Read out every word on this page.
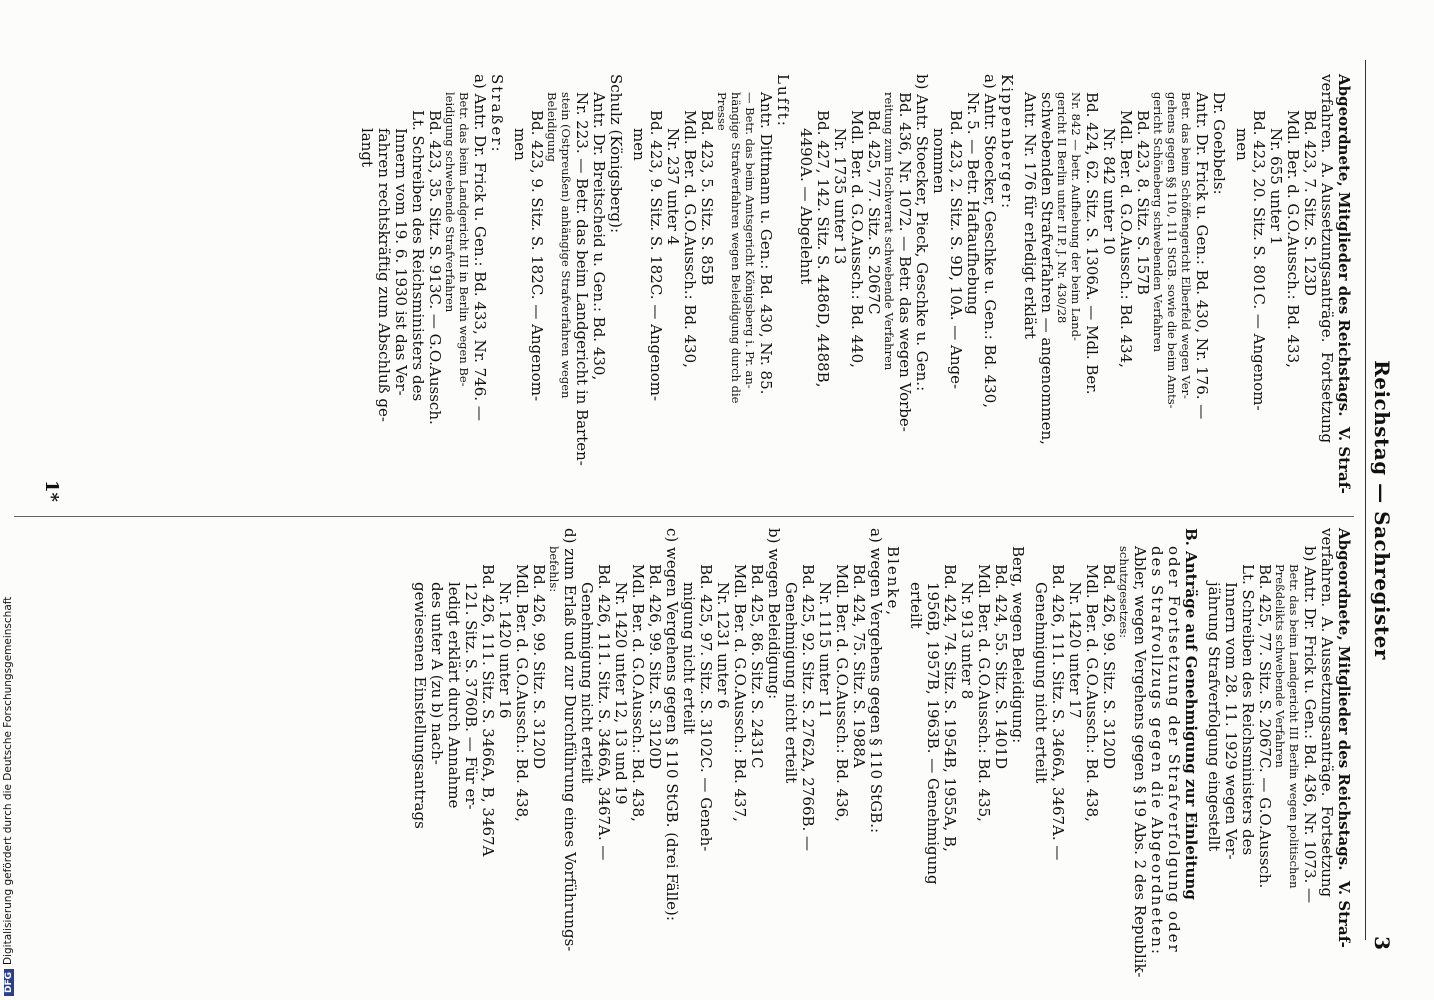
Reichstag — Sachregister
3
Abgeordnete, Mitglieder des Reichstags.  V. Straf-
verfahren.  A. Aussetzungsanträge.  Fortsetzung
Bd. 423, 7. Sitz. S. 123D
Mdl. Ber. d. G.O.Aussch.: Bd. 433,
Nr. 655 unter 1
Bd. 423, 20. Sitz. S. 801C. — Angenom-
men
Dr. Goebbels:
Antr. Dr. Frick u. Gen.: Bd. 430, Nr. 176. —
Betr. das beim Schöffengericht Elberfeld wegen Ver-
gehens gegen §§ 110, 111 StGB. sowie die beim Amts-
gericht Schöneberg schwebenden Verfahren
Bd. 423, 8. Sitz. S. 157B
Mdl. Ber. d. G.O.Aussch.: Bd. 434,
Nr. 842 unter 10
Bd. 424, 62. Sitz. S. 1306A. — Mdl. Ber.
Nr. 842 — betr. Aufhebung der beim Land-
gericht II Berlin unter II P. J. Nr. 430/28
schwebenden Strafverfahren — angenommen,
Antr. Nr. 176 für erledigt erklärt
Kippenberger:
a) Antr. Stoecker, Geschke u. Gen.: Bd. 430,
Nr. 5. — Betr. Haftaufhebung
Bd. 423, 2. Sitz. S. 9D, 10A. — Ange-
nommen
b) Antr. Stoecker, Pieck, Geschke u. Gen.:
Bd. 436, Nr. 1072. — Betr. das wegen Vorbe-
reitung zum Hochverrat schwebende Verfahren
Bd. 425, 77. Sitz. S. 2067C
Mdl. Ber. d. G.O.Aussch.: Bd. 440,
Nr. 1735 unter 13
Bd. 427, 142. Sitz. S. 4486D, 4488B,
4490A. — Abgelehnt
Lufft:
Antr. Dittmann u. Gen.: Bd. 430, Nr. 85.
— Betr. das beim Amtsgericht Königsberg i. Pr. an-
hängige Strafverfahren wegen Beleidigung durch die
Presse
Bd. 423, 5. Sitz. S. 85B
Mdl. Ber. d. G.O.Aussch.: Bd. 430,
Nr. 237 unter 4
Bd. 423, 9. Sitz. S. 182C. — Angenom-
men
Schulz (Königsberg):
Antr. Dr. Breitscheid u. Gen.: Bd. 430,
Nr. 223. — Betr. das beim Landgericht in Barten-
stein (Ostpreußen) anhängige Strafverfahren wegen
Beleidigung
Bd. 423, 9. Sitz. S. 182C. — Angenom-
men
Straßer:
a) Antr. Dr. Frick u. Gen.: Bd. 433, Nr. 746. —
Betr. das beim Landgericht III in Berlin wegen Be-
leidigung schwebende Strafverfahren
Bd. 423, 35. Sitz. S. 913C. — G.O.Aussch.
Lt. Schreiben des Reichsministers des
Innern vom 19. 6. 1930 ist das Ver-
fahren rechtskräftig zum Abschluß ge-
langt
Abgeordnete, Mitglieder des Reichstags.  V. Straf-
verfahren.  A. Aussetzungsanträge.  Fortsetzung
b) Antr. Dr. Frick u. Gen.: Bd. 436, Nr. 1073. —
Betr. das beim Landgericht III Berlin wegen politischen
Preßdelikts schwebende Verfahren
Bd. 425, 77. Sitz. S. 2067C. — G.O.Aussch.
Lt. Schreiben des Reichsministers des
Innern vom 28. 11. 1929 wegen Ver-
jährung Strafverfolgung eingestellt
B. Anträge auf Genehmigung zur Einleitung
oder Fortsetzung der Strafverfolgung oder
des Strafvollzugs gegen die Abgeordneten:
Abler, wegen Vergehens gegen § 19 Abs. 2 des Republik-
schutzgesetzes:
Bd. 426, 99. Sitz. S. 3120D
Mdl. Ber. d. G.O.Aussch.: Bd. 438,
Nr. 1420 unter 17
Bd. 426, 111. Sitz. S. 3466A, 3467A. —
Genehmigung nicht erteilt
Berg, wegen Beleidigung:
Bd. 424, 55. Sitz. S. 1401D
Mdl. Ber. d. G.O.Aussch.: Bd. 435,
Nr. 913 unter 8
Bd. 424, 74. Sitz. S. 1954B, 1955A, B,
1956B, 1957B, 1963B. — Genehmigung
erteilt
Blenke,
a) wegen Vergehens gegen § 110 StGB.:
Bd. 424, 75. Sitz. S. 1988A
Mdl. Ber. d. G.O.Aussch.: Bd. 436,
Nr. 1115 unter 11
Bd. 425, 92. Sitz. S. 2762A, 2766B. —
Genehmigung nicht erteilt
b) wegen Beleidigung:
Bd. 425, 86. Sitz. S. 2431C
Mdl. Ber. d. G.O.Aussch.: Bd. 437,
Nr. 1231 unter 6
Bd. 425, 97. Sitz. S. 3102C. — Geneh-
migung nicht erteilt
c) wegen Vergehens gegen § 110 StGB. (drei Fälle):
Bd. 426, 99. Sitz. S. 3120D
Mdl. Ber. d. G.O.Aussch.: Bd. 438,
Nr. 1420 unter 12, 13 und 19
Bd. 426, 111. Sitz. S. 3466A, 3467A. —
Genehmigung nicht erteilt
d) zum Erlaß und zur Durchführung eines Vorführungs-
befehls:
Bd. 426, 99. Sitz. S. 3120D
Mdl. Ber. d. G.O.Aussch.: Bd. 438,
Nr. 1420 unter 16
Bd. 426, 111. Sitz. S. 3466A, B, 3467A
121. Sitz. S. 3760B. — Für er-
ledigt erklärt durch Annahme
des unter A (zu b) nach-
gewiesenen Einstellungsantrags
1*
DFGDigitalisierung gefördert durch die Deutsche Forschungsgemeinschaft
